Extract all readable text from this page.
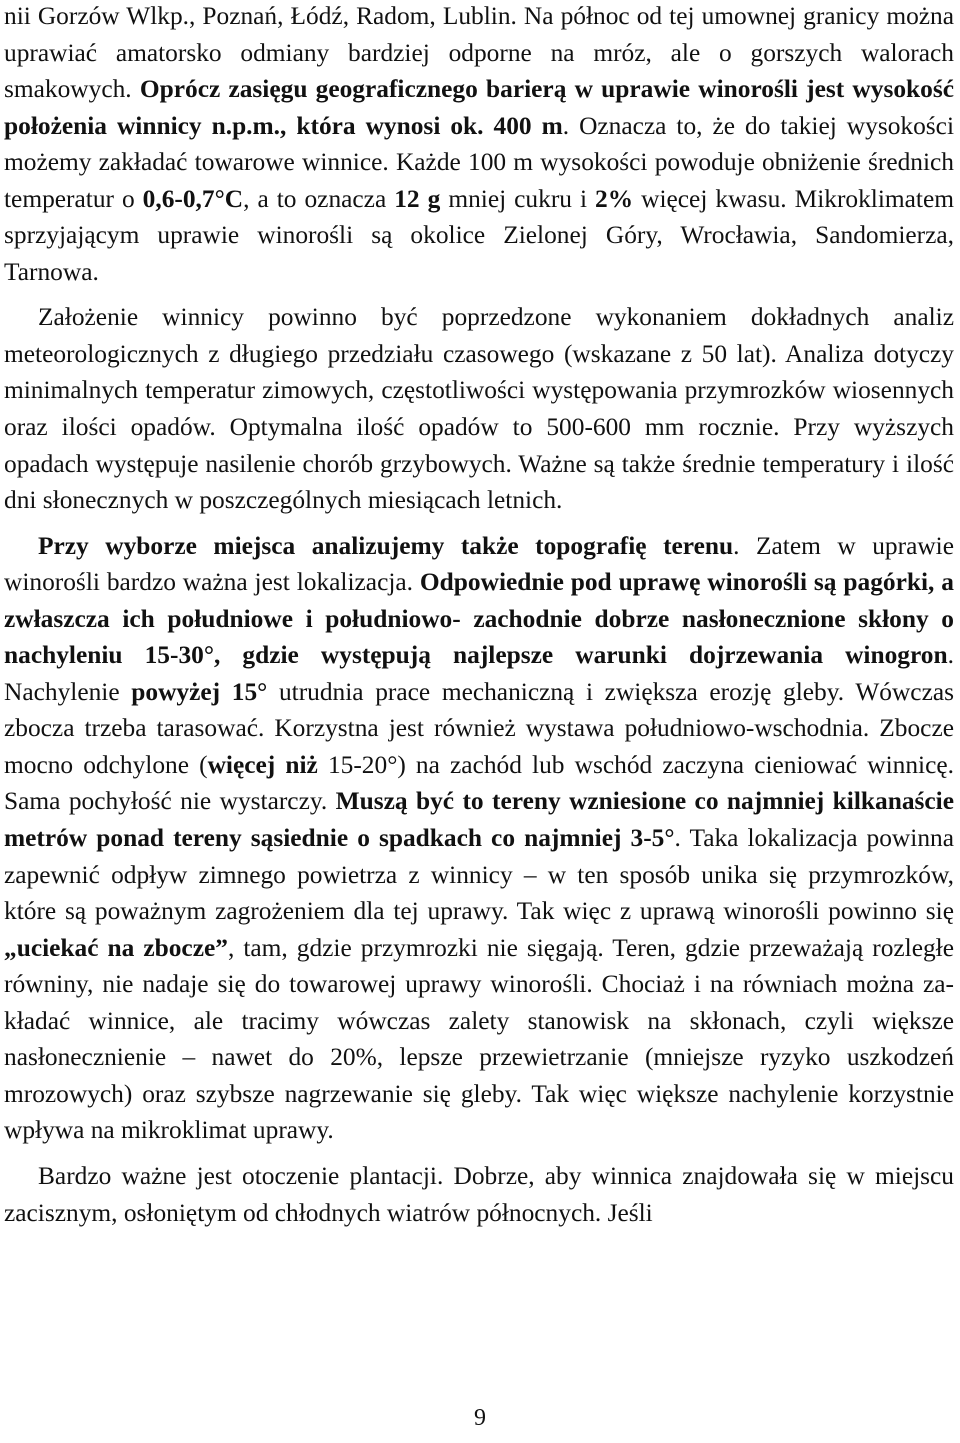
nii Gorzów Wlkp., Poznań, Łódź, Radom, Lublin. Na północ od tej umownej granicy można uprawiać amatorsko odmiany bardziej odporne na mróz, ale o gorszych walorach smakowych. Oprócz zasięgu geograficznego barierą w uprawie winorośli jest wysokość położenia winnicy n.p.m., która wynosi ok. 400 m. Oznacza to, że do takiej wysokości możemy zakładać towarowe winnice. Każde 100 m wysokości powoduje obniżenie średnich temperatur o 0,6-0,7°C, a to oznacza 12 g mniej cukru i 2% więcej kwasu. Mikroklimatem sprzyjającym uprawie winorośli są okolice Zielonej Góry, Wrocławia, Sandomierza, Tarnowa.

Założenie winnicy powinno być poprzedzone wykonaniem dokładnych analiz meteorologicznych z długiego przedziału czasowego (wskazane z 50 lat). Analiza dotyczy minimalnych temperatur zimowych, częstotliwości występowania przymrozków wiosennych oraz ilości opadów. Optymalna ilość opadów to 500-600 mm rocznie. Przy wyższych opadach występuje nasilenie chorób grzybowych. Ważne są także średnie temperatury i ilość dni słonecznych w poszczególnych miesiącach letnich.

Przy wyborze miejsca analizujemy także topografię terenu. Zatem w uprawie winorośli bardzo ważna jest lokalizacja. Odpowiednie pod uprawę winorośli są pagórki, a zwłaszcza ich południowe i południowo- zachodnie dobrze nasłonecznione skłony o nachyleniu 15-30°, gdzie występują najlepsze warunki dojrzewania winogron. Nachylenie powyżej 15° utrudnia prace mechaniczną i zwiększa erozję gleby. Wówczas zbocza trzeba tarasować. Korzystna jest również wystawa południowo-wschodnia. Zbocze mocno odchylone (więcej niż 15-20°) na zachód lub wschód zaczyna cieniować winnicę. Sama pochyłość nie wystarczy. Muszą być to tereny wzniesione co najmniej kilkanaście metrów ponad tereny sąsiednie o spadkach co najmniej 3-5°. Taka lokalizacja powinna zapewnić odpływ zimnego powietrza z winnicy – w ten sposób unika się przymrozków, które są poważnym zagrożeniem dla tej uprawy. Tak więc z uprawą winorośli powinno się „uciekać na zbocze”, tam, gdzie przymrozki nie sięgają. Teren, gdzie przeważają rozległe równiny, nie nadaje się do towarowej uprawy winorośli. Chociaż i na równiach można zakładać winnice, ale tracimy wówczas zalety stanowisk na skłonach, czyli większe nasłonecznienie – nawet do 20%, lepsze przewietrzanie (mniejsze ryzyko uszkodzeń mrozowych) oraz szybsze nagrzewanie się gleby. Tak więc większe nachylenie korzystnie wpływa na mikroklimat uprawy.

Bardzo ważne jest otoczenie plantacji. Dobrze, aby winnica znajdowała się w miejscu zacisznym, osłoniętym od chłodnych wiatrów północnych. Jeśli

9
